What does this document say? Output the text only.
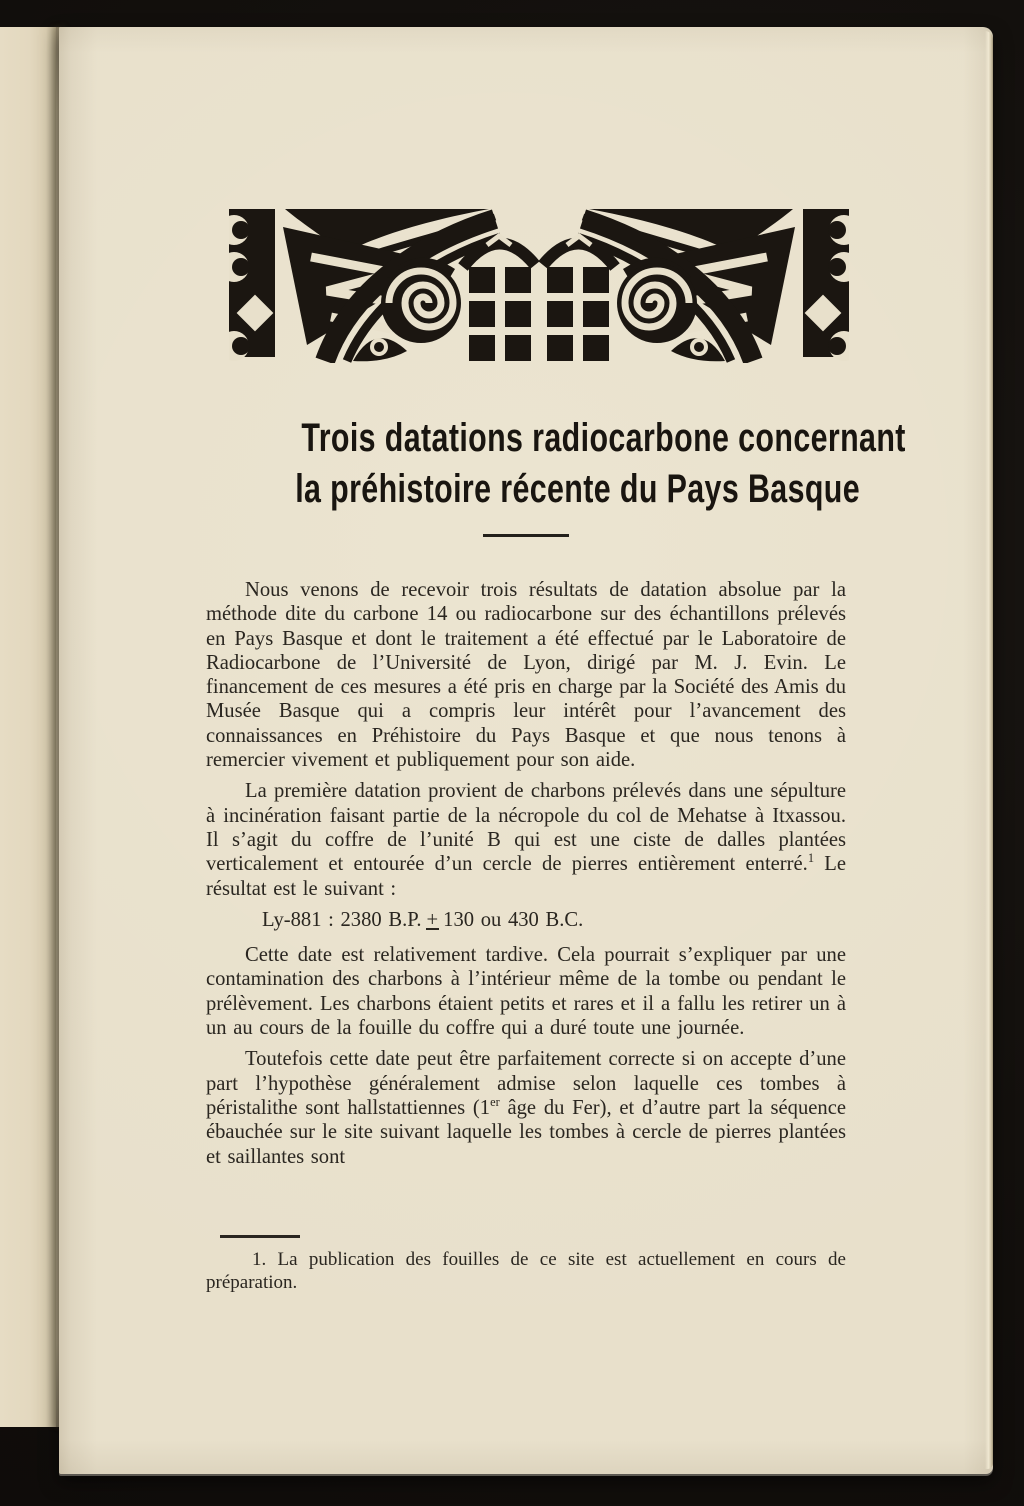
Trois datations radiocarbone concernant
la préhistoire récente du Pays Basque

Nous venons de recevoir trois résultats de datation absolue par la méthode dite du carbone 14 ou radiocarbone sur des échantillons prélevés en Pays Basque et dont le traitement a été effectué par le Laboratoire de Radiocarbone de l’Université de Lyon, dirigé par M. J. Evin. Le financement de ces mesures a été pris en charge par la Société des Amis du Musée Basque qui a compris leur intérêt pour l’avancement des connaissances en Préhistoire du Pays Basque et que nous tenons à remercier vivement et publiquement pour son aide.

La première datation provient de charbons prélevés dans une sépulture à incinération faisant partie de la nécropole du col de Mehatse à Itxassou. Il s’agit du coffre de l’unité B qui est une ciste de dalles plantées verticalement et entourée d’un cercle de pierres entièrement enterré.$^1$ Le résultat est le suivant :

Ly-881 : 2380 B.P. + 130 ou 430 B.C.

Cette date est relativement tardive. Cela pourrait s’expliquer par une contamination des charbons à l’intérieur même de la tombe ou pendant le prélèvement. Les charbons étaient petits et rares et il a fallu les retirer un à un au cours de la fouille du coffre qui a duré toute une journée.

Toutefois cette date peut être parfaitement correcte si on accepte d’une part l’hypothèse généralement admise selon laquelle ces tombes à péristalithe sont hallstattiennes (1er âge du Fer), et d’autre part la séquence ébauchée sur le site suivant laquelle les tombes à cercle de pierres plantées et saillantes sont

1. La publication des fouilles de ce site est actuellement en cours de préparation.
